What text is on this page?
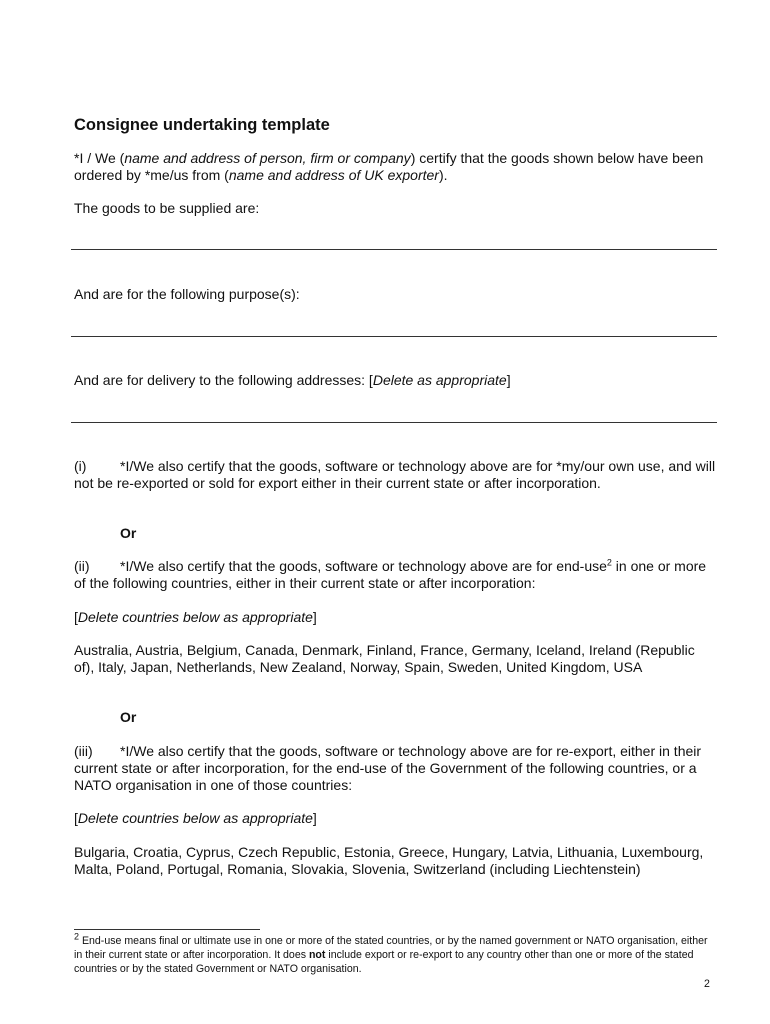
Consignee undertaking template
*I / We (name and address of person, firm or company) certify that the goods shown below have been ordered by *me/us from (name and address of UK exporter).
The goods to be supplied are:
And are for the following purpose(s):
And are for delivery to the following addresses: [Delete as appropriate]
(i) *I/We also certify that the goods, software or technology above are for *my/our own use, and will not be re-exported or sold for export either in their current state or after incorporation.
Or
(ii) *I/We also certify that the goods, software or technology above are for end-use$^2$ in one or more of the following countries, either in their current state or after incorporation:
[Delete countries below as appropriate]
Australia, Austria, Belgium, Canada, Denmark, Finland, France, Germany, Iceland, Ireland (Republic of), Italy, Japan, Netherlands, New Zealand, Norway, Spain, Sweden, United Kingdom, USA
Or
(iii) *I/We also certify that the goods, software or technology above are for re-export, either in their current state or after incorporation, for the end-use of the Government of the following countries, or a NATO organisation in one of those countries:
[Delete countries below as appropriate]
Bulgaria, Croatia, Cyprus, Czech Republic, Estonia, Greece, Hungary, Latvia, Lithuania, Luxembourg, Malta, Poland, Portugal, Romania, Slovakia, Slovenia, Switzerland (including Liechtenstein)
$^2$ End-use means final or ultimate use in one or more of the stated countries, or by the named government or NATO organisation, either in their current state or after incorporation. It does not include export or re-export to any country other than one or more of the stated countries or by the stated Government or NATO organisation.
2
